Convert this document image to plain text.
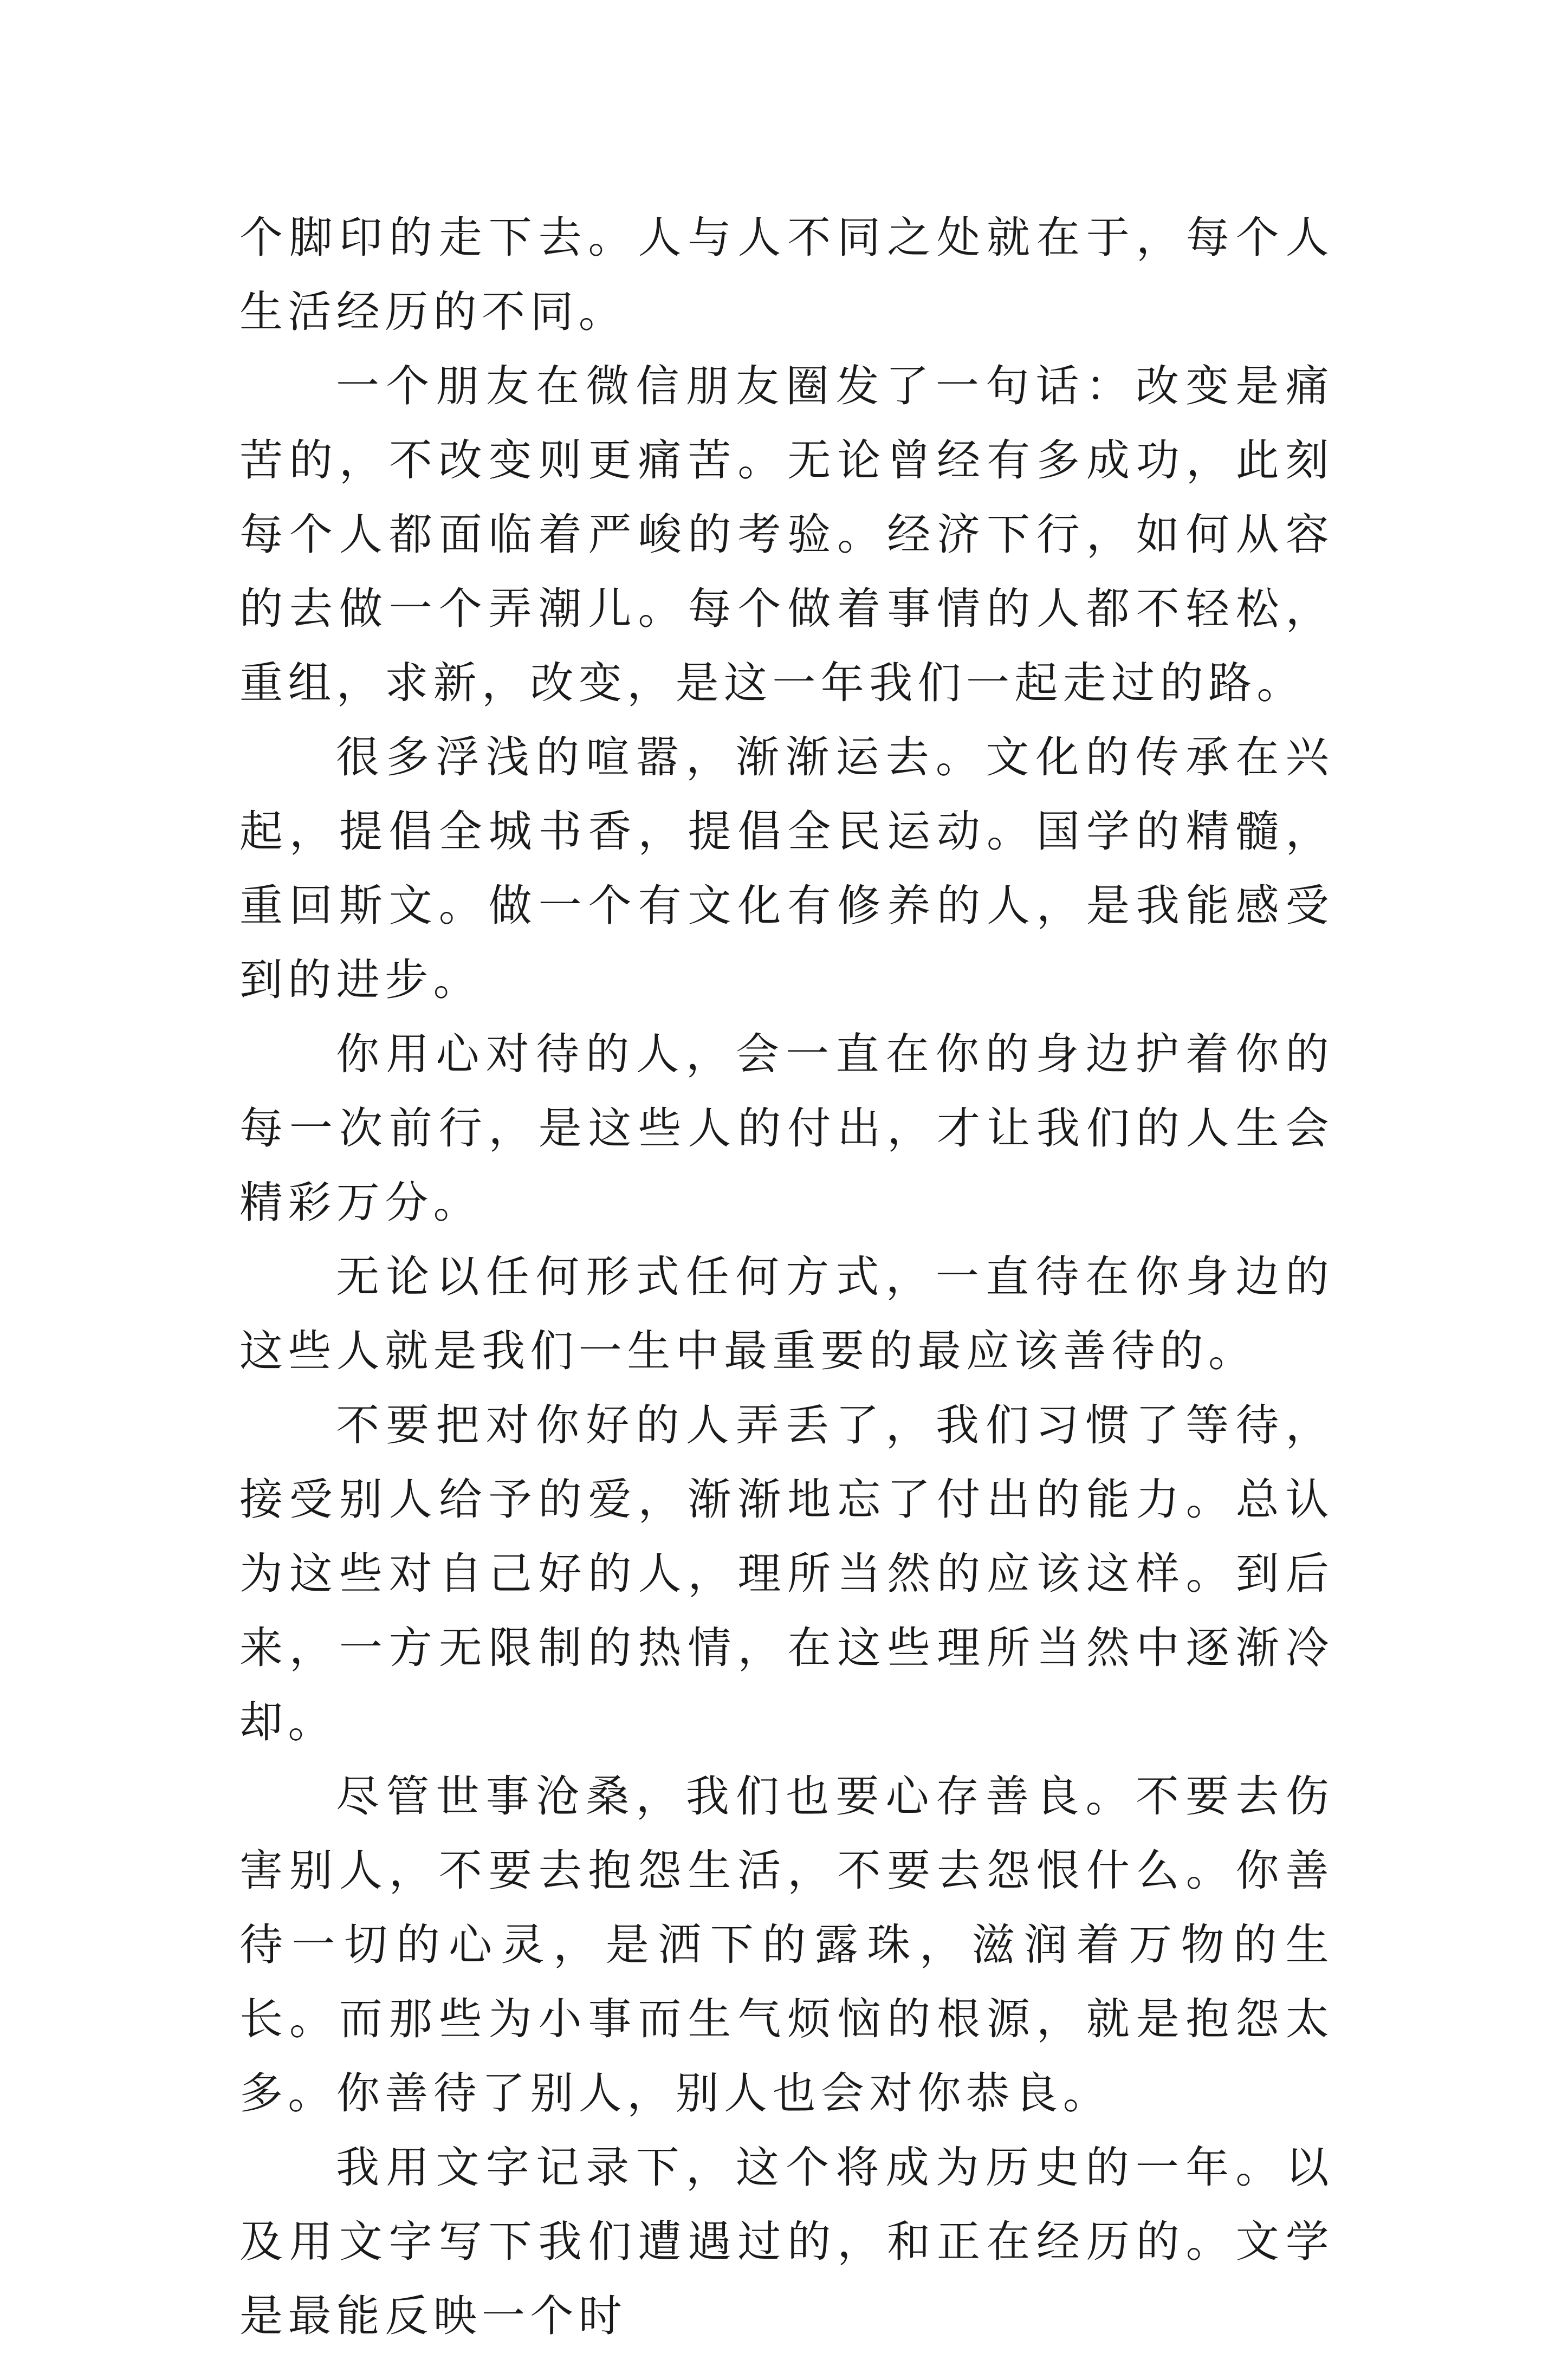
个脚印的走下去。人与人不同之处就在于，每个人生活经历的不同。

一个朋友在微信朋友圈发了一句话：改变是痛苦的，不改变则更痛苦。无论曾经有多成功，此刻每个人都面临着严峻的考验。经济下行，如何从容的去做一个弄潮儿。每个做着事情的人都不轻松，重组，求新，改变，是这一年我们一起走过的路。

很多浮浅的喧嚣，渐渐运去。文化的传承在兴起，提倡全城书香，提倡全民运动。国学的精髓，重回斯文。做一个有文化有修养的人，是我能感受到的进步。

你用心对待的人，会一直在你的身边护着你的每一次前行，是这些人的付出，才让我们的人生会精彩万分。

无论以任何形式任何方式，一直待在你身边的这些人就是我们一生中最重要的最应该善待的。

不要把对你好的人弄丢了，我们习惯了等待，接受别人给予的爱，渐渐地忘了付出的能力。总认为这些对自己好的人，理所当然的应该这样。到后来，一方无限制的热情，在这些理所当然中逐渐冷却。

尽管世事沧桑，我们也要心存善良。不要去伤害别人，不要去抱怨生活，不要去怨恨什么。你善待一切的心灵，是洒下的露珠，滋润着万物的生长。而那些为小事而生气烦恼的根源，就是抱怨太多。你善待了别人，别人也会对你恭良。

我用文字记录下，这个将成为历史的一年。以及用文字写下我们遭遇过的，和正在经历的。文学是最能反映一个时
